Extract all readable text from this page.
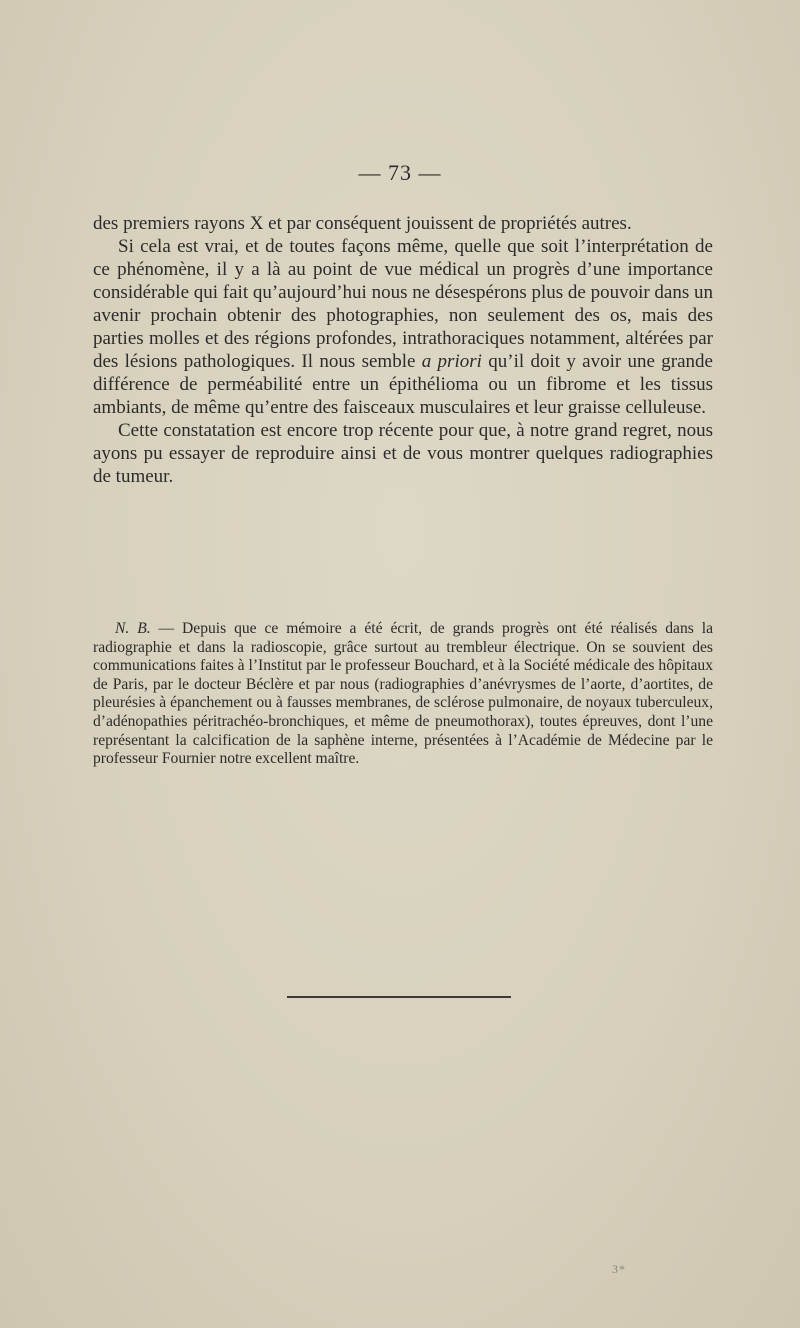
— 73 —

des premiers rayons X et par conséquent jouissent de propriétés autres.

Si cela est vrai, et de toutes façons même, quelle que soit l’interprétation de ce phénomène, il y a là au point de vue médical un progrès d’une importance considérable qui fait qu’aujourd’hui nous ne désespérons plus de pouvoir dans un avenir prochain obtenir des photographies, non seulement des os, mais des parties molles et des régions profondes, intrathoraciques notamment, altérées par des lésions pathologiques. Il nous semble a priori qu’il doit y avoir une grande différence de perméabilité entre un épithélioma ou un fibrome et les tissus ambiants, de même qu’entre des faisceaux musculaires et leur graisse celluleuse.

Cette constatation est encore trop récente pour que, à notre grand regret, nous ayons pu essayer de reproduire ainsi et de vous montrer quelques radiographies de tumeur.

N. B. — Depuis que ce mémoire a été écrit, de grands progrès ont été réalisés dans la radiographie et dans la radioscopie, grâce surtout au trembleur électrique. On se souvient des communications faites à l’Institut par le professeur Bouchard, et à la Société médicale des hôpitaux de Paris, par le docteur Béclère et par nous (radiographies d’anévrysmes de l’aorte, d’aortites, de pleurésies à épanchement ou à fausses membranes, de sclérose pulmonaire, de noyaux tuberculeux, d’adénopathies péritrachéo-bronchiques, et même de pneumothorax), toutes épreuves, dont l’une représentant la calcification de la saphène interne, présentées à l’Académie de Médecine par le professeur Fournier notre excellent maître.

3*
